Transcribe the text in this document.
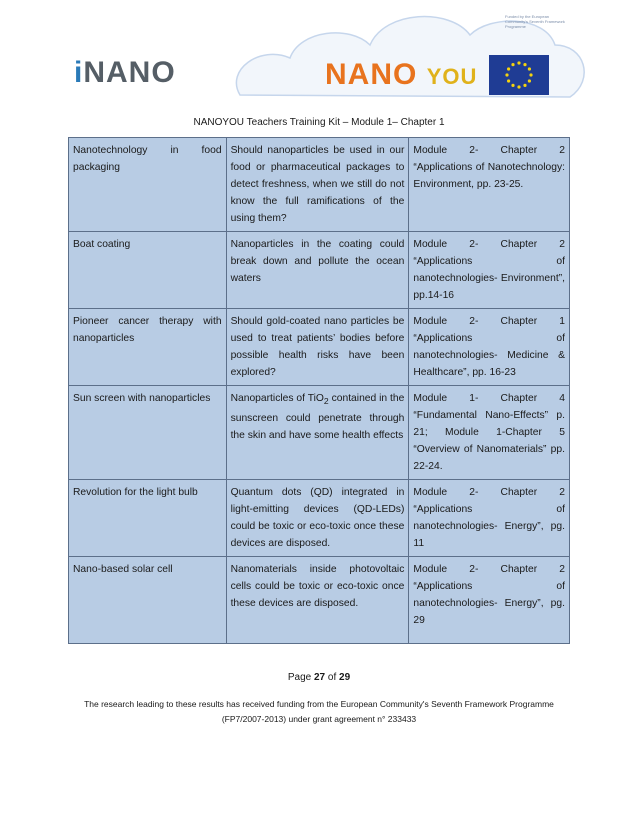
iNANO	NANO YOU
Funded by the European Community's Seventh Framework Programme
NANOYOU Teachers Training Kit – Module 1– Chapter 1
Nanotechnology in food packaging	Should nanoparticles be used in our food or pharmaceutical packages to detect freshness, when we still do not know the full ramifications of the using them?	Module 2- Chapter 2 “Applications of Nanotechnology: Environment, pp. 23-25.
Boat coating	Nanoparticles in the coating could break down and pollute the ocean waters	Module 2- Chapter 2 “Applications of nanotechnologies- Environment”, pp.14-16
Pioneer cancer therapy with nanoparticles	Should gold-coated nano particles be used to treat patients’ bodies before possible health risks have been explored?	Module 2- Chapter 1 “Applications of nanotechnologies- Medicine & Healthcare”, pp. 16-23
Sun screen with nanoparticles	Nanoparticles of TiO$_2$ contained in the sunscreen could penetrate through the skin and have some health effects	Module 1- Chapter 4 “Fundamental Nano-Effects” p. 21; Module 1-Chapter 5 “Overview of Nanomaterials” pp. 22-24.
Revolution for the light bulb	Quantum dots (QD) integrated in light-emitting devices (QD-LEDs) could be toxic or eco-toxic once these devices are disposed.	Module 2- Chapter 2 “Applications of nanotechnologies- Energy”, pg. 11
Nano-based solar cell	Nanomaterials inside photovoltaic cells could be toxic or eco-toxic once these devices are disposed.	Module 2- Chapter 2 “Applications of nanotechnologies- Energy”, pg. 29
Page 27 of 29
The research leading to these results has received funding from the European Community's Seventh Framework Programme
(FP7/2007-2013) under grant agreement n° 233433
